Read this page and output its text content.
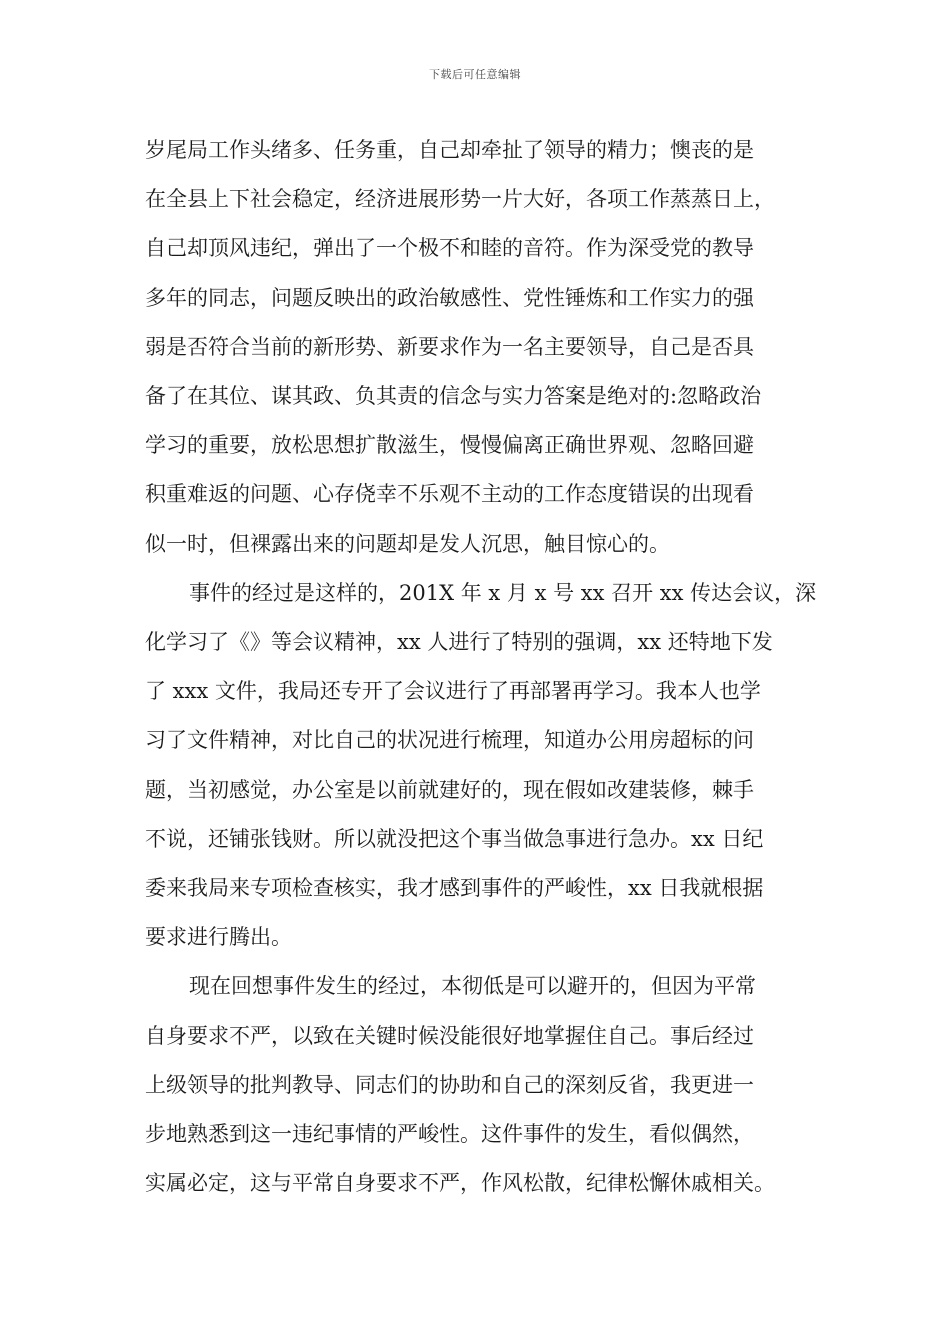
下载后可任意编辑
岁尾局工作头绪多、任务重，自己却牵扯了领导的精力；懊丧的是
在全县上下社会稳定，经济进展形势一片大好，各项工作蒸蒸日上，
自己却顶风违纪，弹出了一个极不和睦的音符。作为深受党的教导
多年的同志，问题反映出的政治敏感性、党性锤炼和工作实力的强
弱是否符合当前的新形势、新要求作为一名主要领导，自己是否具
备了在其位、谋其政、负其责的信念与实力答案是绝对的:忽略政治
学习的重要，放松思想扩散滋生，慢慢偏离正确世界观、忽略回避
积重难返的问题、心存侥幸不乐观不主动的工作态度错误的出现看
似一时，但裸露出来的问题却是发人沉思，触目惊心的。
事件的经过是这样的，201X 年 x 月 x 号 xx 召开 xx 传达会议，深
化学习了《》等会议精神，xx 人进行了特别的强调，xx 还特地下发
了 xxx 文件，我局还专开了会议进行了再部署再学习。我本人也学
习了文件精神，对比自己的状况进行梳理，知道办公用房超标的问
题，当初感觉，办公室是以前就建好的，现在假如改建装修，棘手
不说，还铺张钱财。所以就没把这个事当做急事进行急办。xx 日纪
委来我局来专项检查核实，我才感到事件的严峻性，xx 日我就根据
要求进行腾出。
现在回想事件发生的经过，本彻低是可以避开的，但因为平常
自身要求不严，以致在关键时候没能很好地掌握住自己。事后经过
上级领导的批判教导、同志们的协助和自己的深刻反省，我更进一
步地熟悉到这一违纪事情的严峻性。这件事件的发生，看似偶然，
实属必定，这与平常自身要求不严，作风松散，纪律松懈休戚相关。
